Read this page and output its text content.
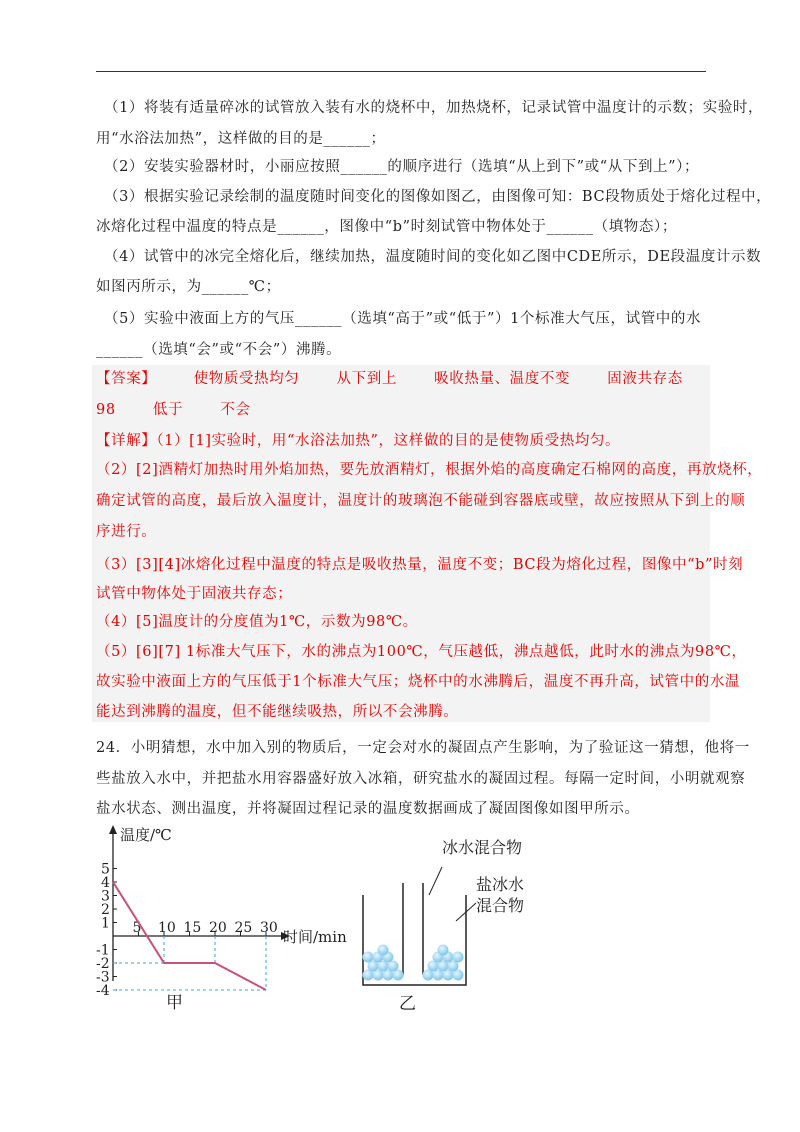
（1）将装有适量碎冰的试管放入装有水的烧杯中，加热烧杯，记录试管中温度计的示数；实验时，
用“水浴法加热”，这样做的目的是______；
（2）安装实验器材时，小丽应按照______的顺序进行（选填“从上到下”或“从下到上”）；
（3）根据实验记录绘制的温度随时间变化的图像如图乙，由图像可知：BC段物质处于熔化过程中，
冰熔化过程中温度的特点是______，图像中“b”时刻试管中物体处于______（填物态）；
（4）试管中的冰完全熔化后，继续加热，温度随时间的变化如乙图中CDE所示，DE段温度计示数
如图丙所示，为______℃；
（5）实验中液面上方的气压______（选填“高于”或“低于”）1个标准大气压，试管中的水
______（选填“会”或“不会”）沸腾。
【答案】	使物质受热均匀	从下到上	吸收热量、温度不变	固液共存态
98	低于	不会
【详解】（1）[1]实验时，用“水浴法加热”，这样做的目的是使物质受热均匀。
（2）[2]酒精灯加热时用外焰加热，要先放酒精灯，根据外焰的高度确定石棉网的高度，再放烧杯，
确定试管的高度，最后放入温度计，温度计的玻璃泡不能碰到容器底或壁，故应按照从下到上的顺
序进行。
（3）[3][4]冰熔化过程中温度的特点是吸收热量，温度不变；BC段为熔化过程，图像中“b”时刻
试管中物体处于固液共存态；
（4）[5]温度计的分度值为1℃，示数为98℃。
（5）[6][7] 1标准大气压下，水的沸点为100℃，气压越低，沸点越低，此时水的沸点为98℃，
故实验中液面上方的气压低于1个标准大气压；烧杯中的水沸腾后，温度不再升高，试管中的水温
能达到沸腾的温度，但不能继续吸热，所以不会沸腾。
24．小明猜想，水中加入别的物质后，一定会对水的凝固点产生影响，为了验证这一猜想，他将一
些盐放入水中，并把盐水用容器盛好放入冰箱，研究盐水的凝固过程。每隔一定时间，小明就观察
盐水状态、测出温度，并将凝固过程记录的温度数据画成了凝固图像如图甲所示。
温度/℃
时间/min
5 10 15 20 25 30
5
4
3
2
1
-1
-2
-3
-4
甲
冰水混合物
盐冰水
混合物
乙
